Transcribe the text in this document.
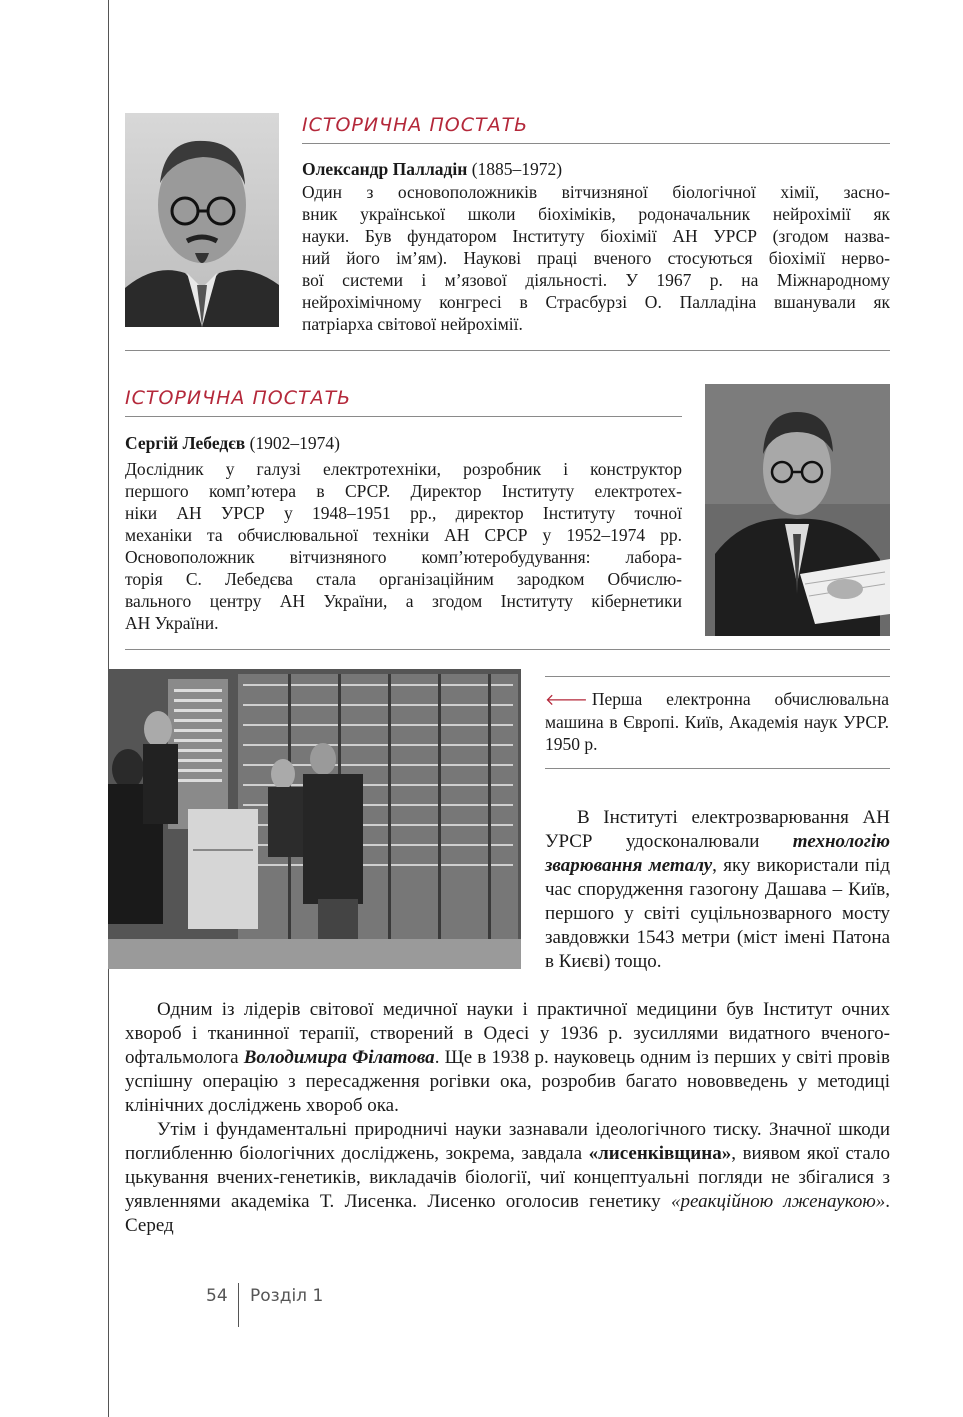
ІСТОРИЧНА ПОСТАТЬ

Олександр Палладін (1885–1972)

Один з основоположників вітчизняної біологічної хімії, засно-
вник української школи біохіміків, родоначальник нейрохімії як
науки. Був фундатором Інституту біохімії АН УРСР (згодом назва-
ний його ім’ям). Наукові праці вченого стосуються біохімії нерво-
вої системи і м’язової діяльності. У 1967 р. на Міжнародному
нейрохімічному конгресі в Страсбурзі О. Палладіна вшанували як
патріарха світової нейрохімії.
ІСТОРИЧНА ПОСТАТЬ

Сергій Лебедєв (1902–1974)

Дослідник у галузі електротехніки, розробник і конструктор
першого комп’ютера в СРСР. Директор Інституту електротех-
ніки АН УРСР у 1948–1951 рр., директор Інституту точної
механіки та обчислювальної техніки АН СРСР у 1952–1974 рр.
Основоположник вітчизняного комп’ютеробудування: лабора-
торія С. Лебедєва стала організаційним зародком Обчислю-
вального центру АН України, а згодом Інституту кібернетики
АН України.

🡐 Перша електронна обчислювальна машина в Європі. Київ, Академія наук УРСР. 1950 р.

В Інституті електрозварювання АН УРСР удосконалювали технологію зварювання металу, яку використали під час спорудження газогону Дашава – Київ, першого у світі суцільнозварного мосту завдовжки 1543 метри (міст імені Патона в Києві) тощо.

Одним із лідерів світової медичної науки і практичної медицини був Інститут очних хвороб і тканинної терапії, створений в Одесі у 1936 р. зусиллями видатного вченого-офтальмолога Володимира Філатова. Ще в 1938 р. науковець одним із перших у світі провів успішну операцію з пересадження рогівки ока, розробив багато нововведень у методиці клінічних досліджень хвороб ока.

Утім і фундаментальні природничі науки зазнавали ідеологічного тиску. Значної шкоди поглибленню біологічних досліджень, зокрема, завдала «лисенківщина», виявом якої стало цькування вчених-генетиків, викладачів біології, чиї концептуальні погляди не збігалися з уявленнями академіка Т. Лисенка. Лисенко оголосив генетику «реакційною лженаукою». Серед

54 Розділ 1
